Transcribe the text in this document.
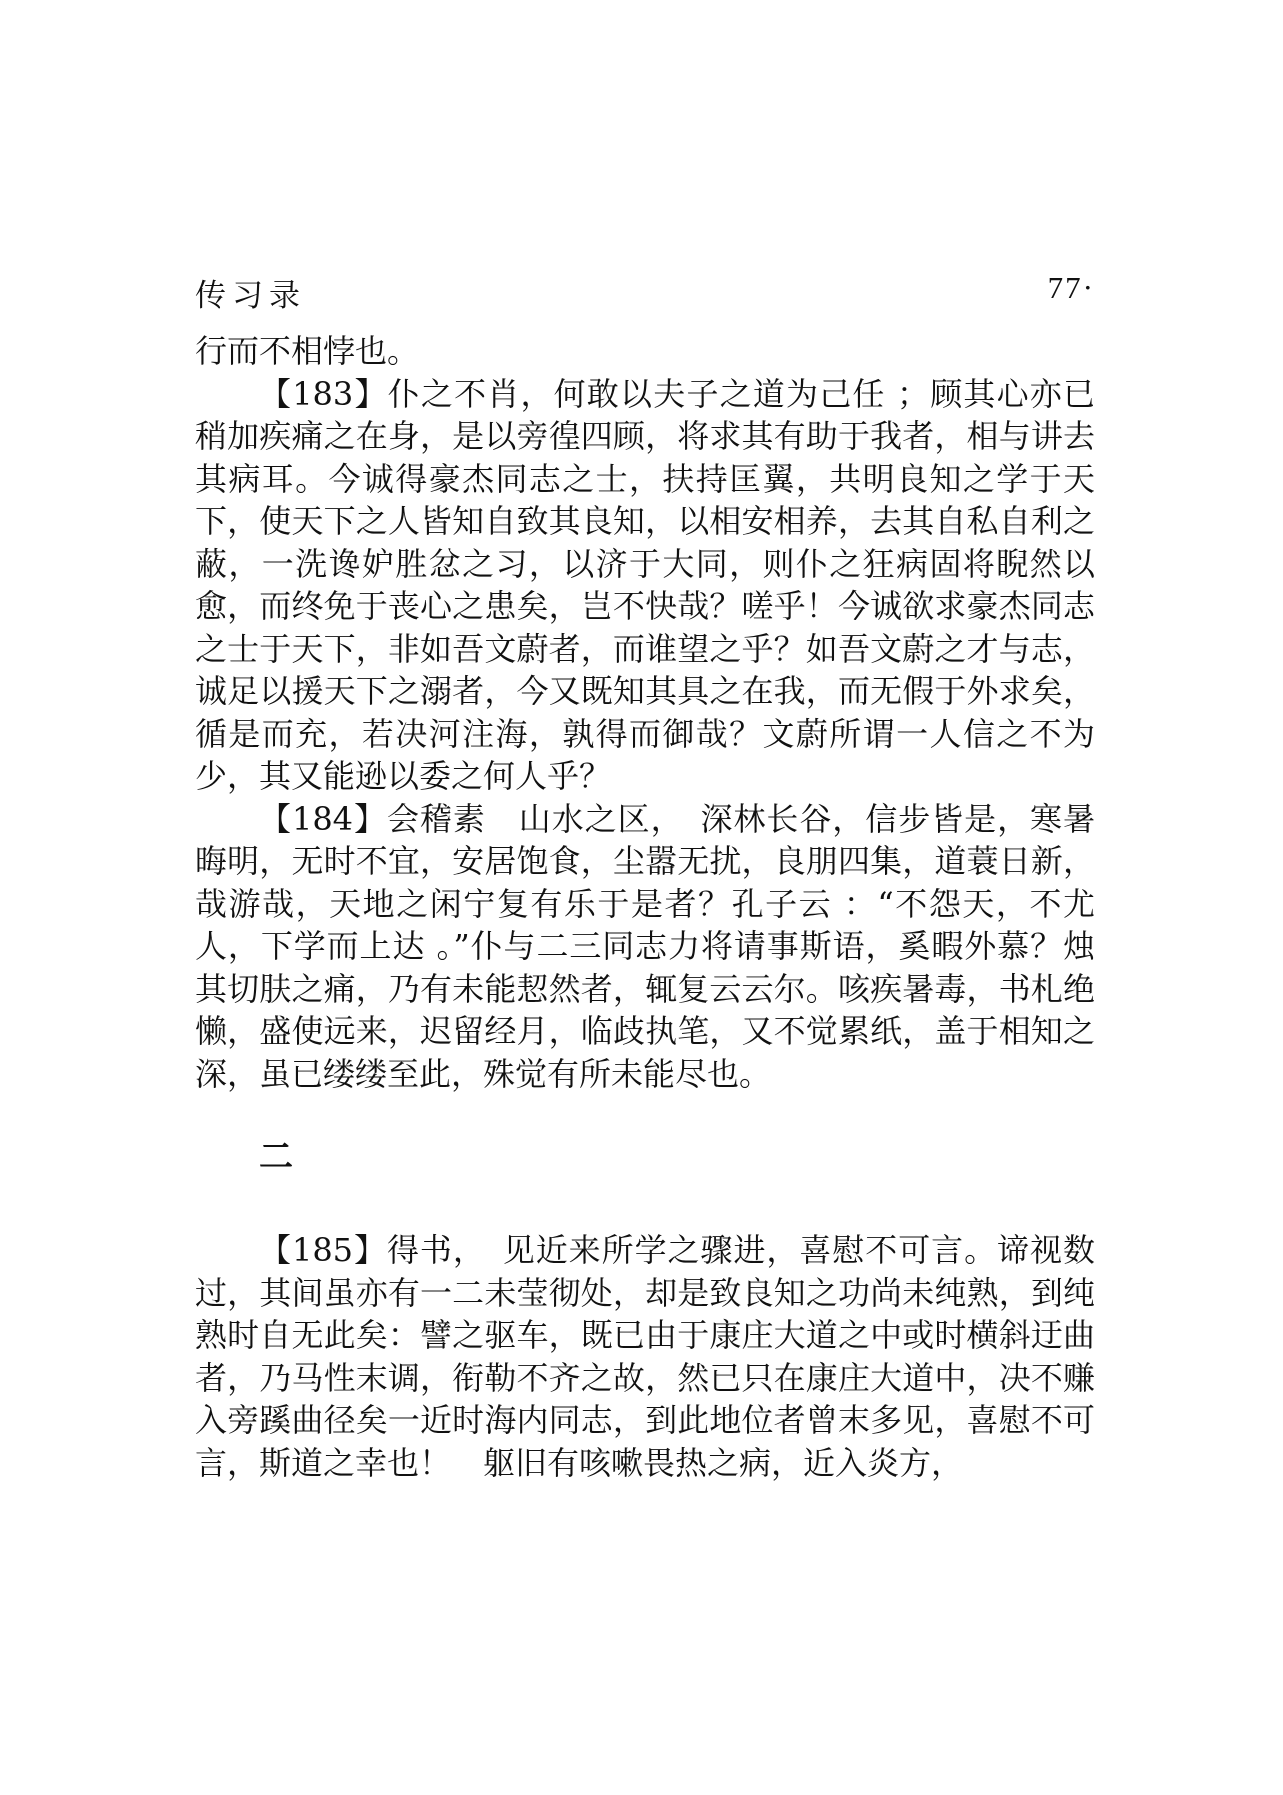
传习录	77·

行而不相悖也。

【183】仆之不肖，何敢以夫子之道为己任 ；顾其心亦已稍加疾痛之在身，是以旁徨四顾，将求其有助于我者，相与讲去其病耳。今诚得豪杰同志之士，扶持匡翼，共明良知之学于天下，使天下之人皆知自致其良知，以相安相养，去其自私自利之蔽，一洗谗妒胜忿之习，以济于大同，则仆之狂病固将睨然以愈，而终免于丧心之患矣，岂不快哉？嗟乎！今诚欲求豪杰同志之士于天下，非如吾文蔚者，而谁望之乎？如吾文蔚之才与志，诚足以援天下之溺者，今又既知其具之在我，而无假于外求矣，循是而充，若决河注海，孰得而御哉？文蔚所谓一人信之不为少，其又能逊以委之何人乎？

【184】会稽素　山水之区，　深林长谷，信步皆是，寒暑晦明，无时不宜，安居饱食，尘嚣无扰，良朋四集，道蓑日新，哉游哉，天地之闲宁复有乐于是者？孔子云 ：“不怨天，不尤人，下学而上达 。”仆与二三同志力将请事斯语，奚暇外慕？烛其切肤之痛，乃有未能恝然者，辄复云云尔。咳疾暑毒，书札绝懒，盛使远来，迟留经月，临歧执笔，又不觉累纸，盖于相知之深，虽已缕缕至此，殊觉有所未能尽也。

二

【185】得书，　见近来所学之骤进，喜慰不可言。谛视数过，其间虽亦有一二未莹彻处，却是致良知之功尚未纯熟，到纯熟时自无此矣：譬之驱车，既已由于康庄大道之中或时横斜迂曲者，乃马性末调，衔勒不齐之故，然已只在康庄大道中，决不赚入旁蹊曲径矣一近时海内同志，到此地位者曾末多见，喜慰不可言，斯道之幸也！　躯旧有咳嗽畏热之病，近入炎方，
